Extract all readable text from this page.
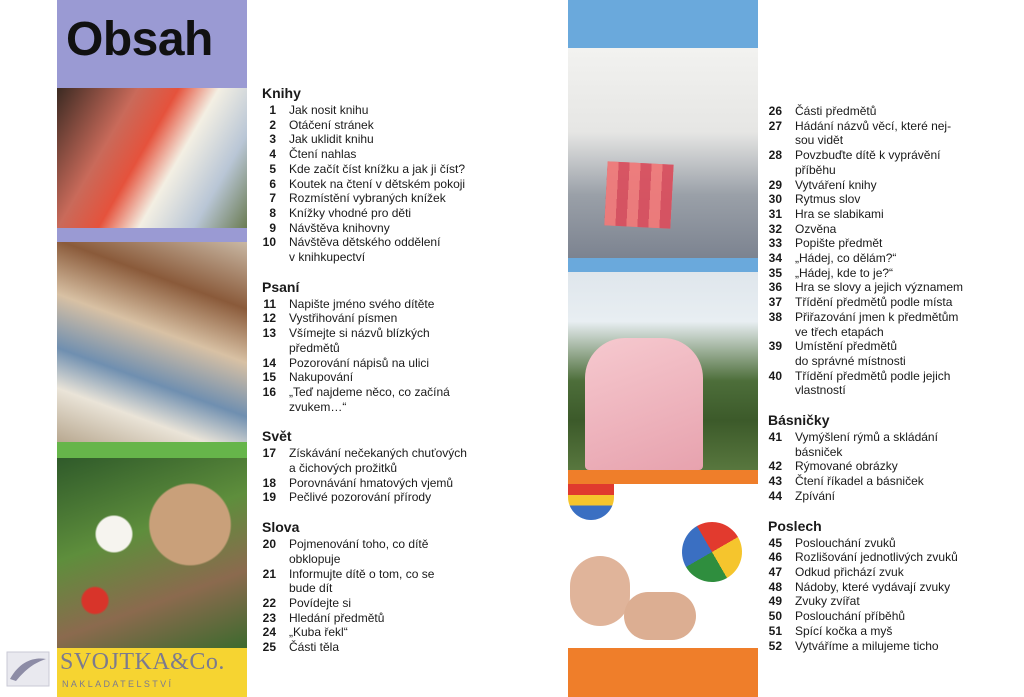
Obsah
SVOJTKA&Co.
NAKLADATELSTVÍ
Knihy
1 Jak nosit knihu
2 Otáčení stránek
3 Jak uklidit knihu
4 Čtení nahlas
5 Kde začít číst knížku a jak ji číst?
6 Koutek na čtení v dětském pokoji
7 Rozmístění vybraných knížek
8 Knížky vhodné pro děti
9 Návštěva knihovny
10 Návštěva dětského oddělení
v knihkupectví
Psaní
11 Napište jméno svého dítěte
12 Vystřihování písmen
13 Všímejte si názvů blízkých
předmětů
14 Pozorování nápisů na ulici
15 Nakupování
16 „Teď najdeme něco, co začíná
zvukem…“
Svět
17 Získávání nečekaných chuťových
a čichových prožitků
18 Porovnávání hmatových vjemů
19 Pečlivé pozorování přírody
Slova
20 Pojmenování toho, co dítě
obklopuje
21 Informujte dítě o tom, co se
bude dít
22 Povídejte si
23 Hledání předmětů
24 „Kuba řekl“
25 Části těla
26 Části předmětů
27 Hádání názvů věcí, které nej-
sou vidět
28 Povzbuďte dítě k vyprávění
příběhu
29 Vytváření knihy
30 Rytmus slov
31 Hra se slabikami
32 Ozvěna
33 Popište předmět
34 „Hádej, co dělám?“
35 „Hádej, kde to je?“
36 Hra se slovy a jejich významem
37 Třídění předmětů podle místa
38 Přiřazování jmen k předmětům
ve třech etapách
39 Umístění předmětů
do správné místnosti
40 Třídění předmětů podle jejich
vlastností
Básničky
41 Vymýšlení rýmů a skládání
básniček
42 Rýmované obrázky
43 Čtení říkadel a básniček
44 Zpívání
Poslech
45 Poslouchání zvuků
46 Rozlišování jednotlivých zvuků
47 Odkud přichází zvuk
48 Nádoby, které vydávají zvuky
49 Zvuky zvířat
50 Poslouchání příběhů
51 Spící kočka a myš
52 Vytváříme a milujeme ticho
